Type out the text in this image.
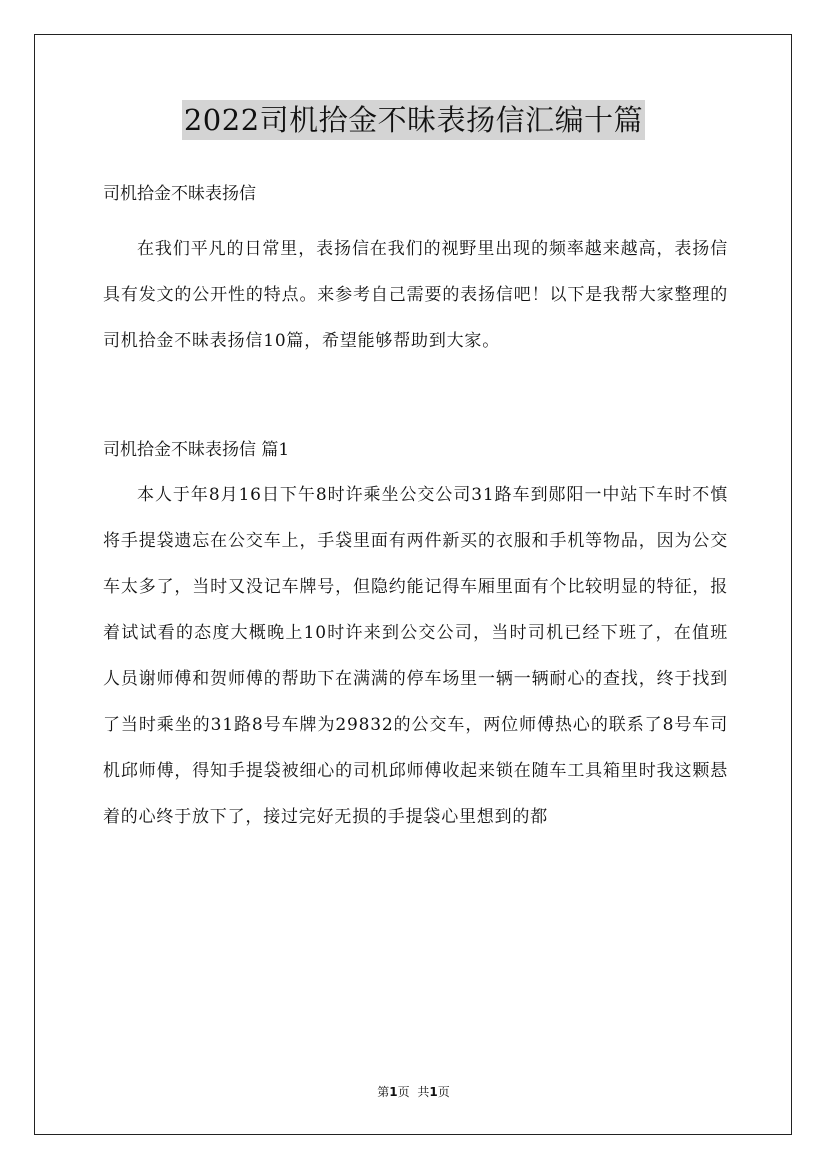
2022司机拾金不昧表扬信汇编十篇

司机拾金不昧表扬信

在我们平凡的日常里，表扬信在我们的视野里出现的频率越来越高，表扬信具有发文的公开性的特点。来参考自己需要的表扬信吧！以下是我帮大家整理的司机拾金不昧表扬信10篇，希望能够帮助到大家。

司机拾金不昧表扬信 篇1

本人于年8月16日下午8时许乘坐公交公司31路车到郧阳一中站下车时不慎将手提袋遗忘在公交车上，手袋里面有两件新买的衣服和手机等物品，因为公交车太多了，当时又没记车牌号，但隐约能记得车厢里面有个比较明显的特征，报着试试看的态度大概晚上10时许来到公交公司，当时司机已经下班了，在值班人员谢师傅和贺师傅的帮助下在满满的停车场里一辆一辆耐心的查找，终于找到了当时乘坐的31路8号车牌为29832的公交车，两位师傅热心的联系了8号车司机邱师傅，得知手提袋被细心的司机邱师傅收起来锁在随车工具箱里时我这颗悬着的心终于放下了，接过完好无损的手提袋心里想到的都

第1页 共1页
